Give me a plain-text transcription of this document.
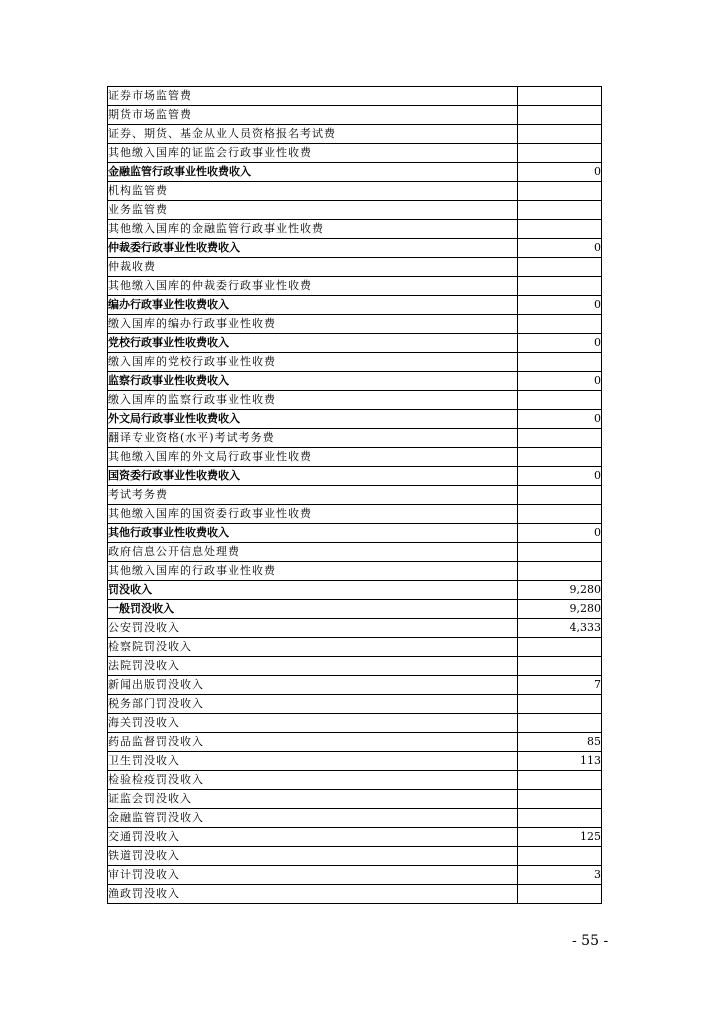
证券市场监管费	
期货市场监管费	
证券、期货、基金从业人员资格报名考试费	
其他缴入国库的证监会行政事业性收费	
金融监管行政事业性收费收入	0
机构监管费	
业务监管费	
其他缴入国库的金融监管行政事业性收费	
仲裁委行政事业性收费收入	0
仲裁收费	
其他缴入国库的仲裁委行政事业性收费	
编办行政事业性收费收入	0
缴入国库的编办行政事业性收费	
党校行政事业性收费收入	0
缴入国库的党校行政事业性收费	
监察行政事业性收费收入	0
缴入国库的监察行政事业性收费	
外文局行政事业性收费收入	0
翻译专业资格(水平)考试考务费	
其他缴入国库的外文局行政事业性收费	
国资委行政事业性收费收入	0
考试考务费	
其他缴入国库的国资委行政事业性收费	
其他行政事业性收费收入	0
政府信息公开信息处理费	
其他缴入国库的行政事业性收费	
罚没收入	9,280
一般罚没收入	9,280
公安罚没收入	4,333
检察院罚没收入	
法院罚没收入	
新闻出版罚没收入	7
税务部门罚没收入	
海关罚没收入	
药品监督罚没收入	85
卫生罚没收入	113
检验检疫罚没收入	
证监会罚没收入	
金融监管罚没收入	
交通罚没收入	125
铁道罚没收入	
审计罚没收入	3
渔政罚没收入	
- 55 -
